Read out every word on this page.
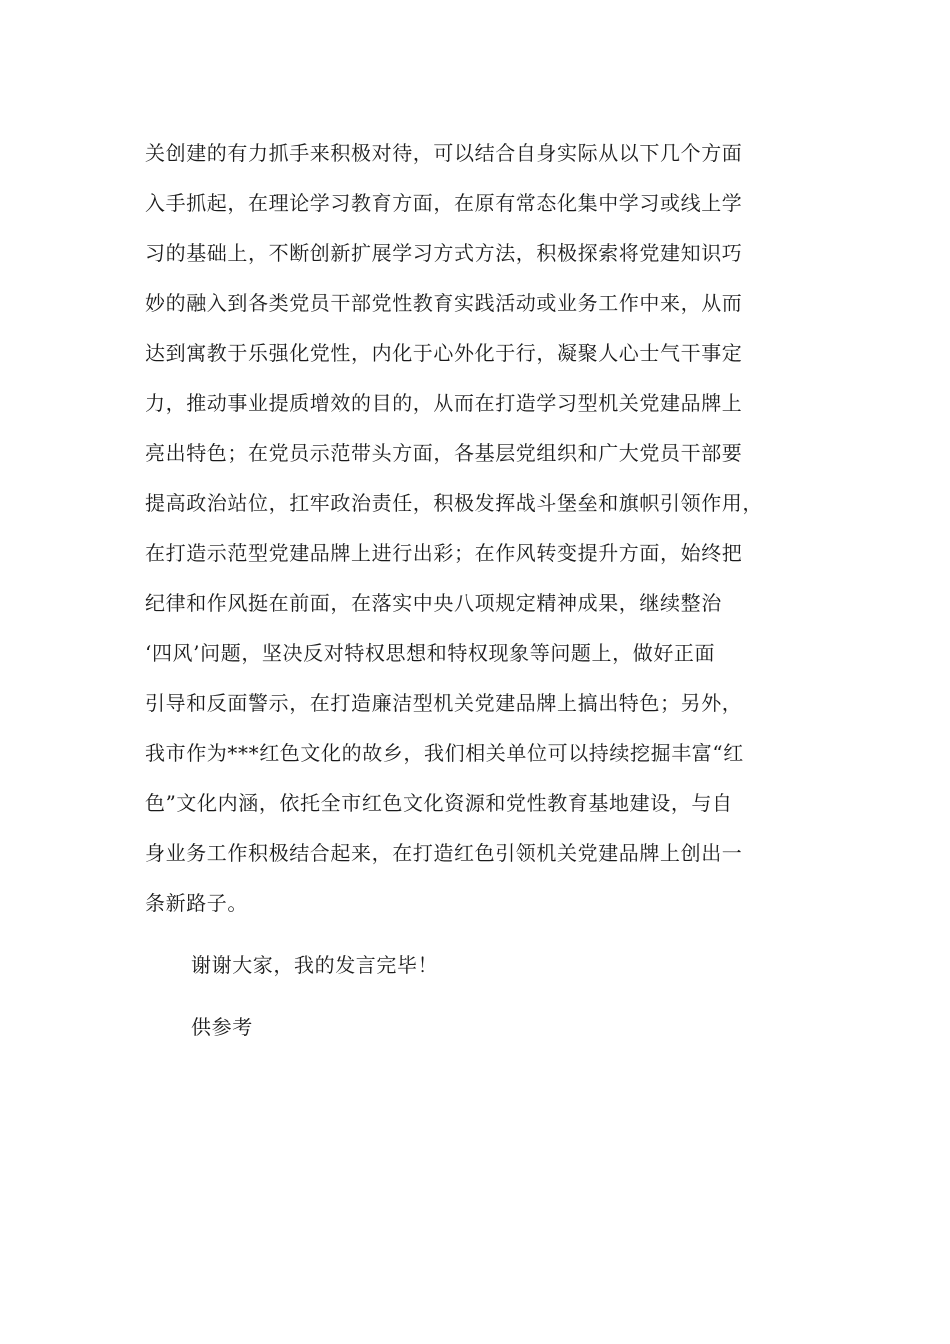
关创建的有力抓手来积极对待，可以结合自身实际从以下几个方面
入手抓起，在理论学习教育方面，在原有常态化集中学习或线上学
习的基础上，不断创新扩展学习方式方法，积极探索将党建知识巧
妙的融入到各类党员干部党性教育实践活动或业务工作中来，从而
达到寓教于乐强化党性，内化于心外化于行，凝聚人心士气干事定
力，推动事业提质增效的目的，从而在打造学习型机关党建品牌上
亮出特色；在党员示范带头方面，各基层党组织和广大党员干部要
提高政治站位，扛牢政治责任，积极发挥战斗堡垒和旗帜引领作用，
在打造示范型党建品牌上进行出彩；在作风转变提升方面，始终把
纪律和作风挺在前面，在落实中央八项规定精神成果，继续整治
‘四风’问题，坚决反对特权思想和特权现象等问题上，做好正面
引导和反面警示，在打造廉洁型机关党建品牌上搞出特色；另外，
我市作为***红色文化的故乡，我们相关单位可以持续挖掘丰富“红
色”文化内涵，依托全市红色文化资源和党性教育基地建设，与自
身业务工作积极结合起来，在打造红色引领机关党建品牌上创出一
条新路子。
谢谢大家，我的发言完毕！
供参考
